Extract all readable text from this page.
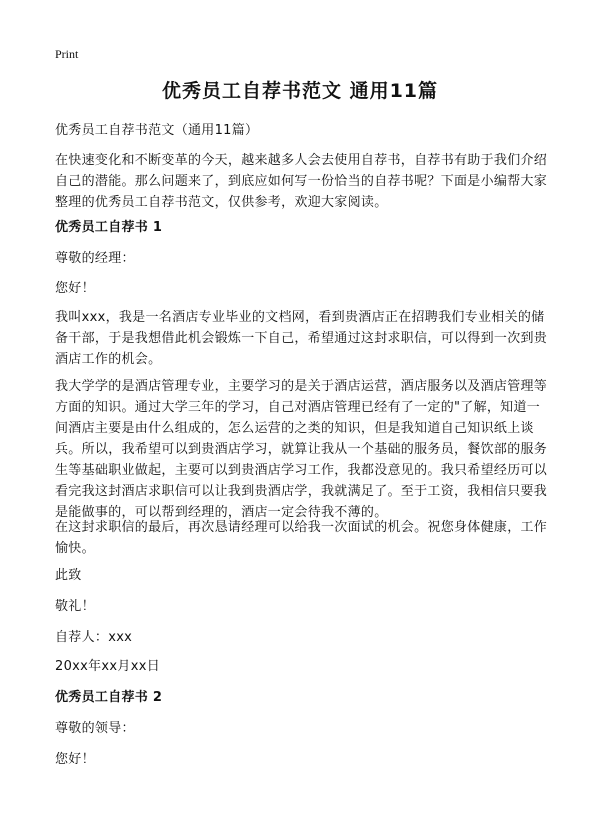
Print
优秀员工自荐书范文 通用11篇
优秀员工自荐书范文（通用11篇）
在快速变化和不断变革的今天，越来越多人会去使用自荐书，自荐书有助于我们介绍自己的潜能。那么问题来了，到底应如何写一份恰当的自荐书呢？下面是小编帮大家整理的优秀员工自荐书范文，仅供参考，欢迎大家阅读。
优秀员工自荐书 1
尊敬的经理：
您好！
我叫xxx，我是一名酒店专业毕业的文档网，看到贵酒店正在招聘我们专业相关的储备干部，于是我想借此机会锻炼一下自己，希望通过这封求职信，可以得到一次到贵酒店工作的机会。
我大学学的是酒店管理专业，主要学习的是关于酒店运营，酒店服务以及酒店管理等方面的知识。通过大学三年的学习，自己对酒店管理已经有了一定的"了解，知道一间酒店主要是由什么组成的，怎么运营的之类的知识，但是我知道自己知识纸上谈兵。所以，我希望可以到贵酒店学习，就算让我从一个基础的服务员，餐饮部的服务生等基础职业做起，主要可以到贵酒店学习工作，我都没意见的。我只希望经历可以看完我这封酒店求职信可以让我到贵酒店学，我就满足了。至于工资，我相信只要我是能做事的，可以帮到经理的，酒店一定会待我不薄的。
在这封求职信的最后，再次恳请经理可以给我一次面试的机会。祝您身体健康，工作愉快。
此致
敬礼！
自荐人：xxx
20xx年xx月xx日
优秀员工自荐书 2
尊敬的领导：
您好！
